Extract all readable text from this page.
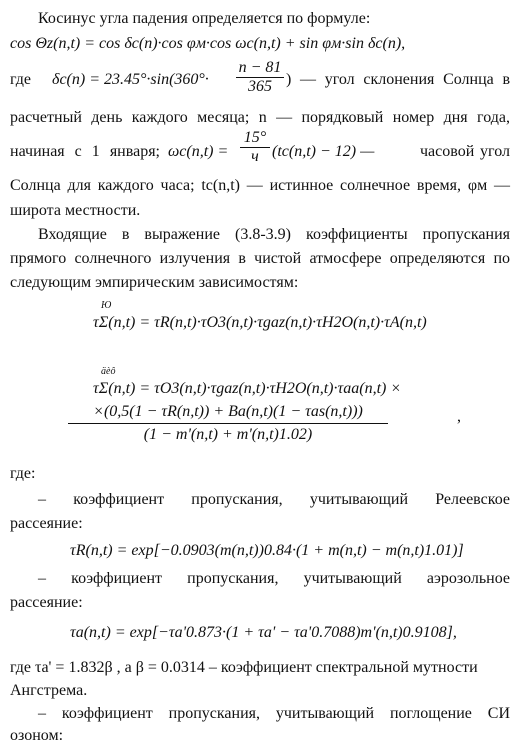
Косинус угла падения определяется по формуле:
cos Θz(n,t) = cos δc(n)·cos φм·cos ωc(n,t) + sin φм·sin δc(n),
где $\delta c(n) = 23.45^\circ\cdot\sin(360^\circ\cdot \frac{n - 81}{365}$ ) — угол склонения Солнца в
расчетный день каждого месяца; n — порядковый номер дня года,
начиная с 1 января; ωc(n,t) =
15°
ч (tc(n,t) − 12) —	часовой угол
Солнца для каждого часа; tc(n,t) — истинное солнечное время, φм —
широта местности.
Входящие в выражение (3.8-3.9) коэффициенты пропускания
прямого солнечного излучения в чистой атмосфере определяются по
следующим эмпирическим зависимостям:
Ю
τΣ(n,t) = τR(n,t)·τO3(n,t)·τgaz(n,t)·τH2O(n,t)·τA(n,t)
äèô
τΣ(n,t) = τO3(n,t)·τgaz(n,t)·τH2O(n,t)·τaa(n,t) ×
×(0,5(1 − τR(n,t)) + Ba(n,t)(1 − τas(n,t)))
(1 − m'(n,t) + m'(n,t)1.02)
,
где:
– коэффициент пропускания, учитывающий Релеевское
рассеяние:
τR(n,t) = exp[−0.0903(m(n,t))0.84·(1 + m(n,t) − m(n,t)1.01)]
– коэффициент пропускания, учитывающий аэрозольное
рассеяние:
τa(n,t) = exp[−τa'0.873·(1 + τa' − τa'0.7088)m'(n,t)0.9108],
где τa' = 1.832β , а β = 0.0314 – коэффициент спектральной мутности
Ангстрема.
– коэффициент пропускания, учитывающий поглощение СИ
озоном:
